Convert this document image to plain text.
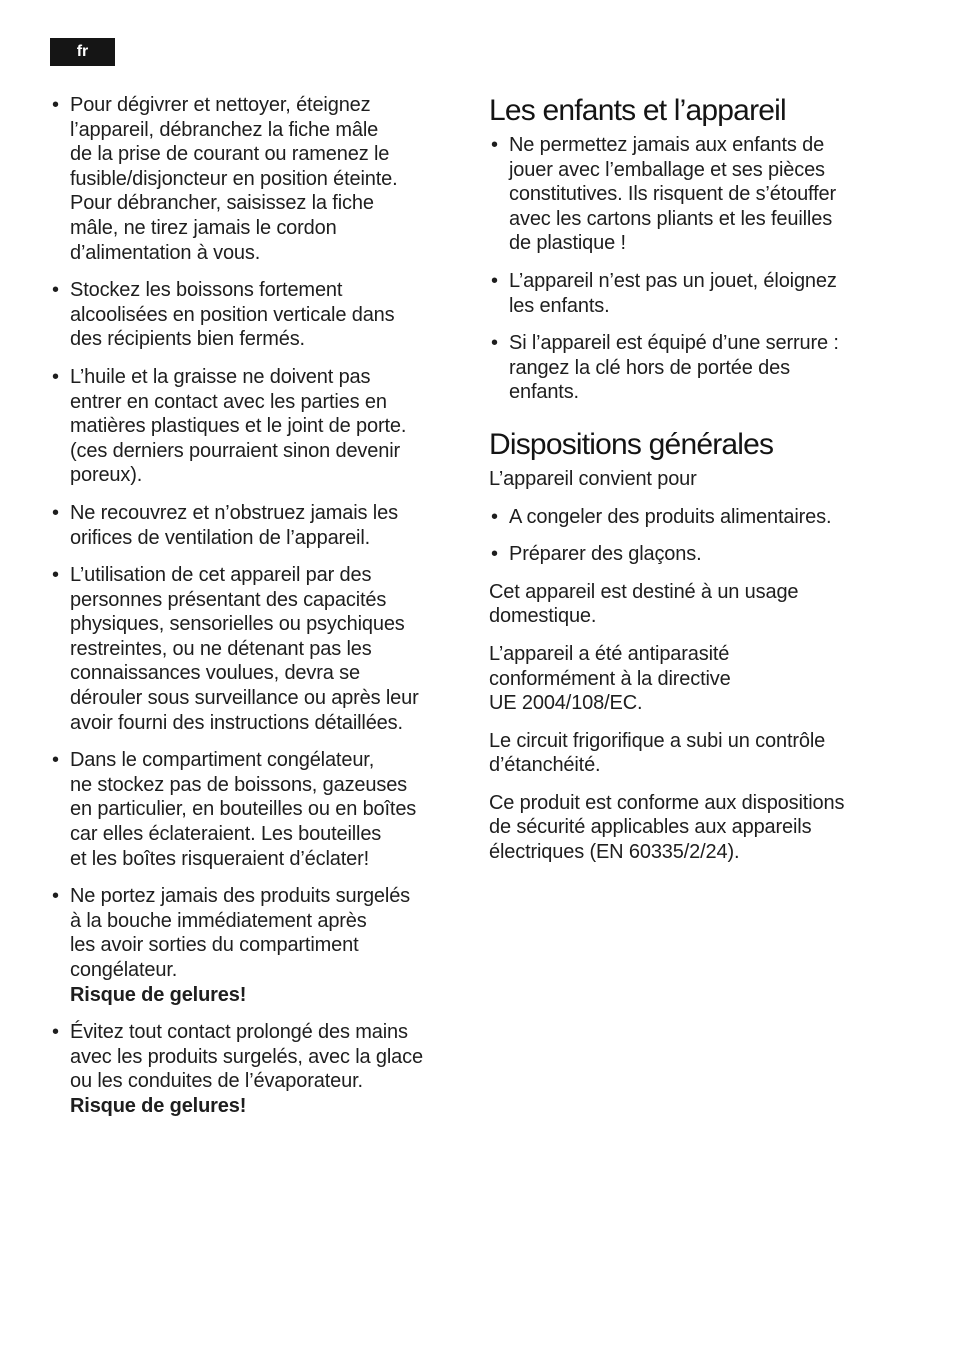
fr
• Pour dégivrer et nettoyer, éteignez
l’appareil, débranchez la fiche mâle
de la prise de courant ou ramenez le
fusible/disjoncteur en position éteinte.
Pour débrancher, saisissez la fiche
mâle, ne tirez jamais le cordon
d’alimentation à vous.
• Stockez les boissons fortement
alcoolisées en position verticale dans
des récipients bien fermés.
• L’huile et la graisse ne doivent pas
entrer en contact avec les parties en
matières plastiques et le joint de porte.
(ces derniers pourraient sinon devenir
poreux).
• Ne recouvrez et n’obstruez jamais les
orifices de ventilation de l’appareil.
• L’utilisation de cet appareil par des
personnes présentant des capacités
physiques, sensorielles ou psychiques
restreintes, ou ne détenant pas les
connaissances voulues, devra se
dérouler sous surveillance ou après leur
avoir fourni des instructions détaillées.
• Dans le compartiment congélateur,
ne stockez pas de boissons, gazeuses
en particulier, en bouteilles ou en boîtes
car elles éclateraient. Les bouteilles
et les boîtes risqueraient d’éclater!
• Ne portez jamais des produits surgelés
à la bouche immédiatement après
les avoir sorties du compartiment
congélateur.
Risque de gelures!
• Évitez tout contact prolongé des mains
avec les produits surgelés, avec la glace
ou les conduites de l’évaporateur.
Risque de gelures!
Les enfants et l’appareil
• Ne permettez jamais aux enfants de
jouer avec l’emballage et ses pièces
constitutives. Ils risquent de s’étouffer
avec les cartons pliants et les feuilles
de plastique !
• L’appareil n’est pas un jouet, éloignez
les enfants.
• Si l’appareil est équipé d’une serrure :
rangez la clé hors de portée des
enfants.
Dispositions générales

L’appareil convient pour

• A congeler des produits alimentaires.
• Préparer des glaçons.

Cet appareil est destiné à un usage
domestique.

L’appareil a été antiparasité
conformément à la directive
UE 2004/108/EC.

Le circuit frigorifique a subi un contrôle
d’étanchéité.

Ce produit est conforme aux dispositions
de sécurité applicables aux appareils
électriques (EN 60335/2/24).
